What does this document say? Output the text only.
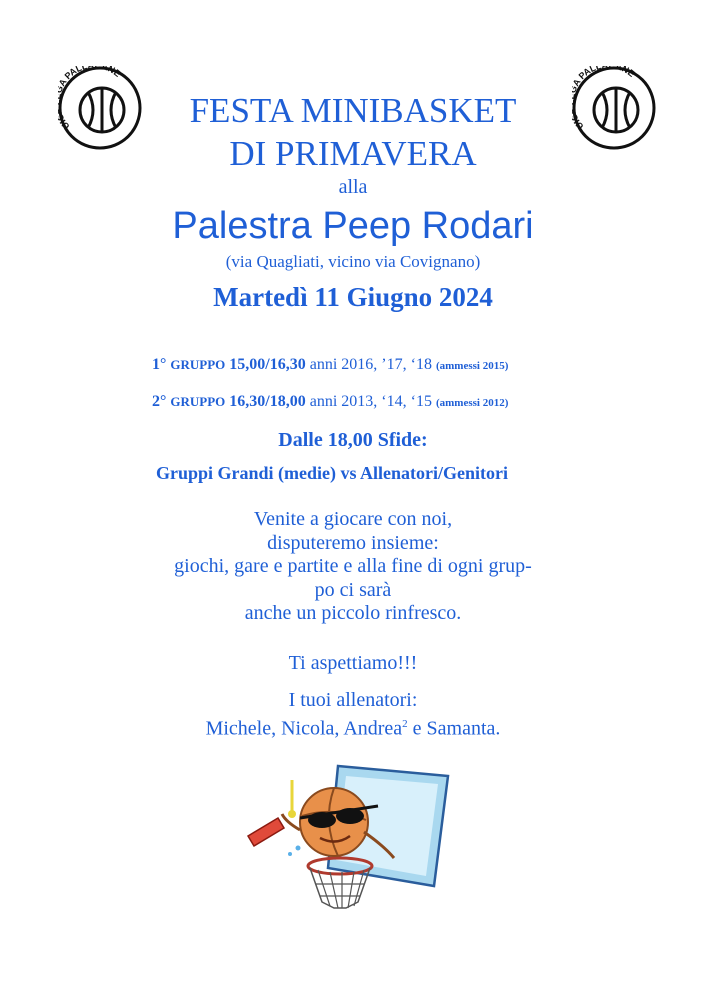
UI PALL ANE
UI PALL ANE
FESTA MINIBASKET
DI PRIMAVERA
alla
Palestra Peep Rodari
(via Quagliati, vicino via Covignano)
Martedì 11 Giugno 2024
1° GRUPPO 15,00/16,30 anni 2016, ’17, ‘18 (ammessi 2015)
2° GRUPPO 16,30/18,00 anni 2013, ‘14, ‘15 (ammessi 2012)
Dalle 18,00 Sfide:
Gruppi Grandi (medie) vs Allenatori/Genitori
Venite a giocare con noi,
disputeremo insieme:
giochi, gare e partite e alla fine di ogni grup-
po ci sarà
anche un piccolo rinfresco.
Ti aspettiamo!!!
I tuoi allenatori:
Michele, Nicola, Andrea$^2$ e Samanta.
